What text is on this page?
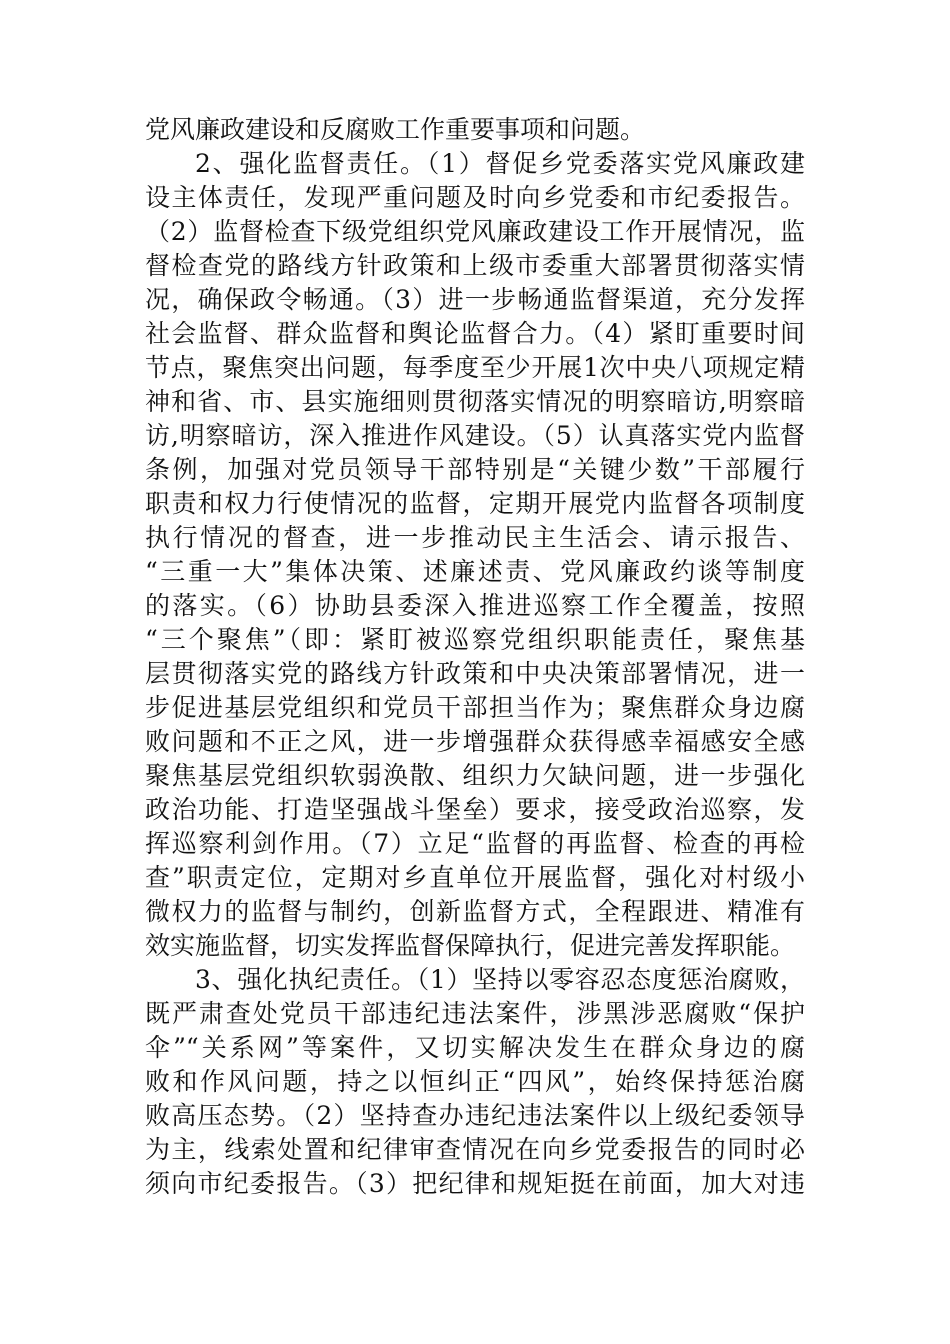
党风廉政建设和反腐败工作重要事项和问题。
2、强化监督责任。（1）督促乡党委落实党风廉政建
设主体责任，发现严重问题及时向乡党委和市纪委报告。
（2）监督检查下级党组织党风廉政建设工作开展情况，监
督检查党的路线方针政策和上级市委重大部署贯彻落实情
况，确保政令畅通。（3）进一步畅通监督渠道，充分发挥
社会监督、群众监督和舆论监督合力。（4）紧盯重要时间
节点，聚焦突出问题，每季度至少开展1次中央八项规定精
神和省、市、县实施细则贯彻落实情况的明察暗访,明察暗
访,明察暗访，深入推进作风建设。（5）认真落实党内监督
条例，加强对党员领导干部特别是“关键少数”干部履行
职责和权力行使情况的监督，定期开展党内监督各项制度
执行情况的督查，进一步推动民主生活会、请示报告、
“三重一大”集体决策、述廉述责、党风廉政约谈等制度
的落实。（6）协助县委深入推进巡察工作全覆盖，按照
“三个聚焦”（即：紧盯被巡察党组织职能责任，聚焦基
层贯彻落实党的路线方针政策和中央决策部署情况，进一
步促进基层党组织和党员干部担当作为；聚焦群众身边腐
败问题和不正之风，进一步增强群众获得感幸福感安全感
聚焦基层党组织软弱涣散、组织力欠缺问题，进一步强化
政治功能、打造坚强战斗堡垒）要求，接受政治巡察，发
挥巡察利剑作用。（7）立足“监督的再监督、检查的再检
查”职责定位，定期对乡直单位开展监督，强化对村级小
微权力的监督与制约，创新监督方式，全程跟进、精准有
效实施监督，切实发挥监督保障执行，促进完善发挥职能。
3、强化执纪责任。（1）坚持以零容忍态度惩治腐败，
既严肃查处党员干部违纪违法案件，涉黑涉恶腐败“保护
伞”“关系网”等案件，又切实解决发生在群众身边的腐
败和作风问题，持之以恒纠正“四风”，始终保持惩治腐
败高压态势。（2）坚持查办违纪违法案件以上级纪委领导
为主，线索处置和纪律审查情况在向乡党委报告的同时必
须向市纪委报告。（3）把纪律和规矩挺在前面，加大对违
